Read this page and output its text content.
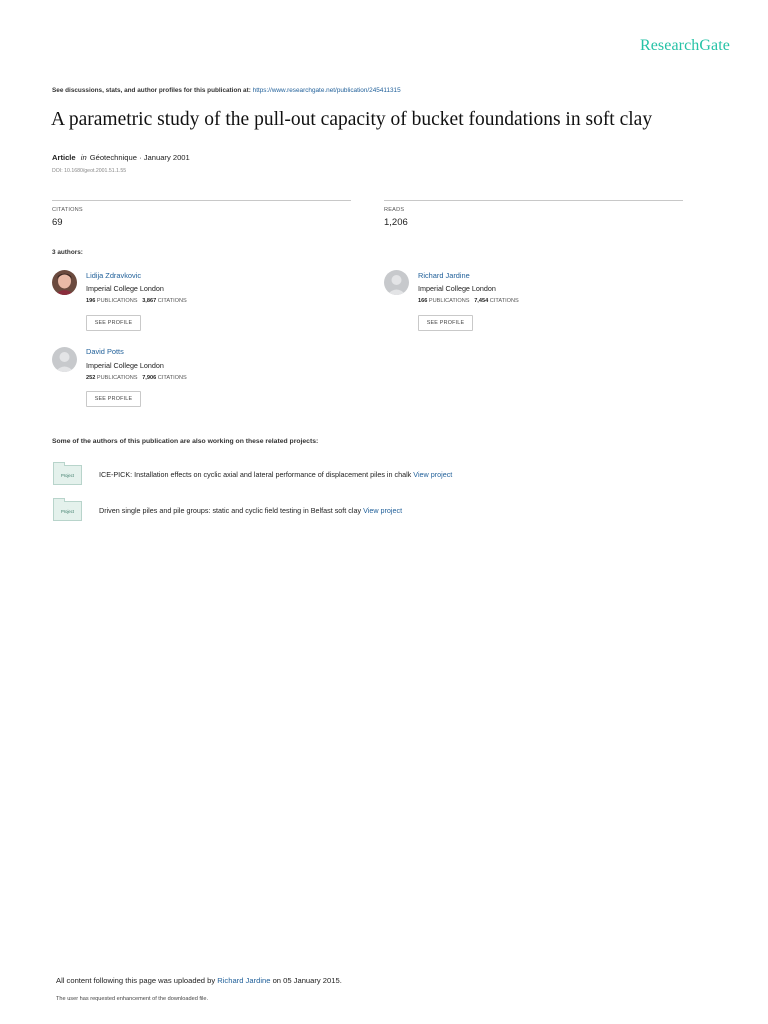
ResearchGate
See discussions, stats, and author profiles for this publication at: https://www.researchgate.net/publication/245411315
A parametric study of the pull-out capacity of bucket foundations in soft clay
Article in Géotechnique · January 2001
DOI: 10.1680/geot.2001.51.1.55
CITATIONS
69
READS
1,206
3 authors:
Lidija Zdravkovic
Imperial College London
196 PUBLICATIONS 3,867 CITATIONS
SEE PROFILE
Richard Jardine
Imperial College London
166 PUBLICATIONS 7,454 CITATIONS
SEE PROFILE
David Potts
Imperial College London
252 PUBLICATIONS 7,906 CITATIONS
SEE PROFILE
Some of the authors of this publication are also working on these related projects:
Project	ICE-PICK: Installation effects on cyclic axial and lateral performance of displacement piles in chalk View project
Project	Driven single piles and pile groups: static and cyclic field testing in Belfast soft clay View project
All content following this page was uploaded by Richard Jardine on 05 January 2015.
The user has requested enhancement of the downloaded file.
